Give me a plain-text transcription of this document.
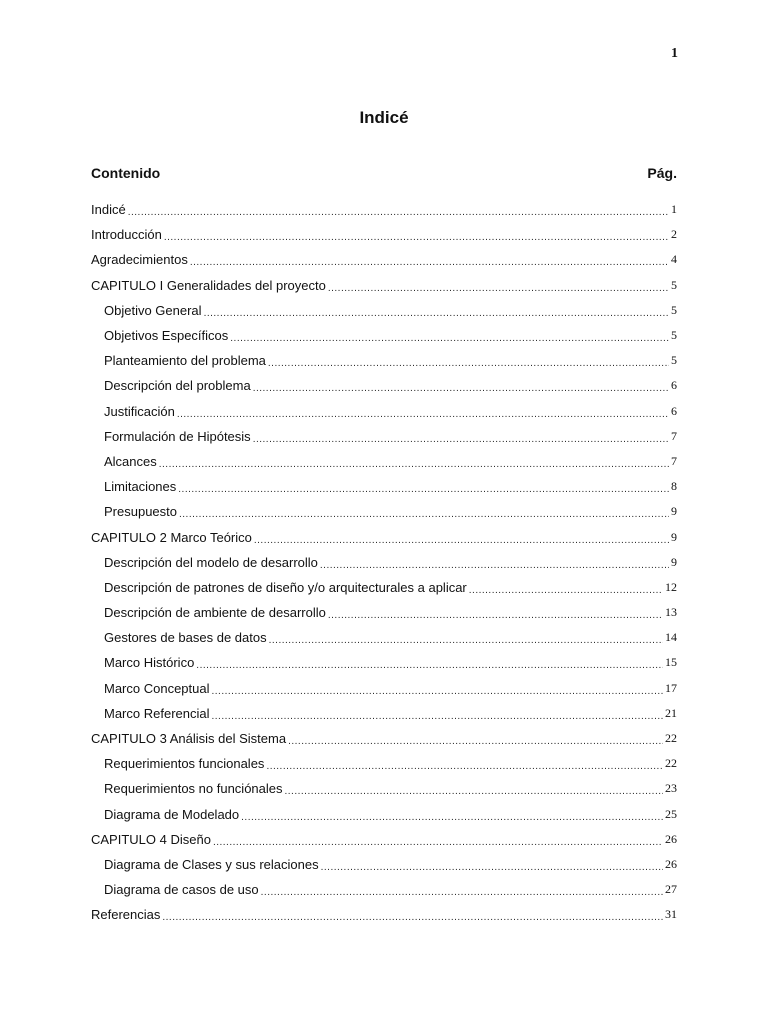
1
Indicé
Contenido	Pág.
Indicé .....	1
Introducción .....	2
Agradecimientos .....	4
CAPITULO I Generalidades del proyecto .....	5
Objetivo General .....	5
Objetivos Específicos .....	5
Planteamiento del problema .....	5
Descripción del problema .....	6
Justificación .....	6
Formulación de Hipótesis .....	7
Alcances .....	7
Limitaciones .....	8
Presupuesto .....	9
CAPITULO 2 Marco Teórico .....	9
Descripción del modelo de desarrollo .....	9
Descripción de patrones de diseño y/o arquitecturales a aplicar .....	12
Descripción de ambiente de desarrollo .....	13
Gestores de bases de datos .....	14
Marco Histórico .....	15
Marco Conceptual .....	17
Marco Referencial .....	21
CAPITULO 3 Análisis del Sistema .....	22
Requerimientos funcionales .....	22
Requerimientos no funciónales .....	23
Diagrama de Modelado .....	25
CAPITULO 4 Diseño .....	26
Diagrama de Clases y sus relaciones .....	26
Diagrama de casos de uso .....	27
Referencias .....	31
